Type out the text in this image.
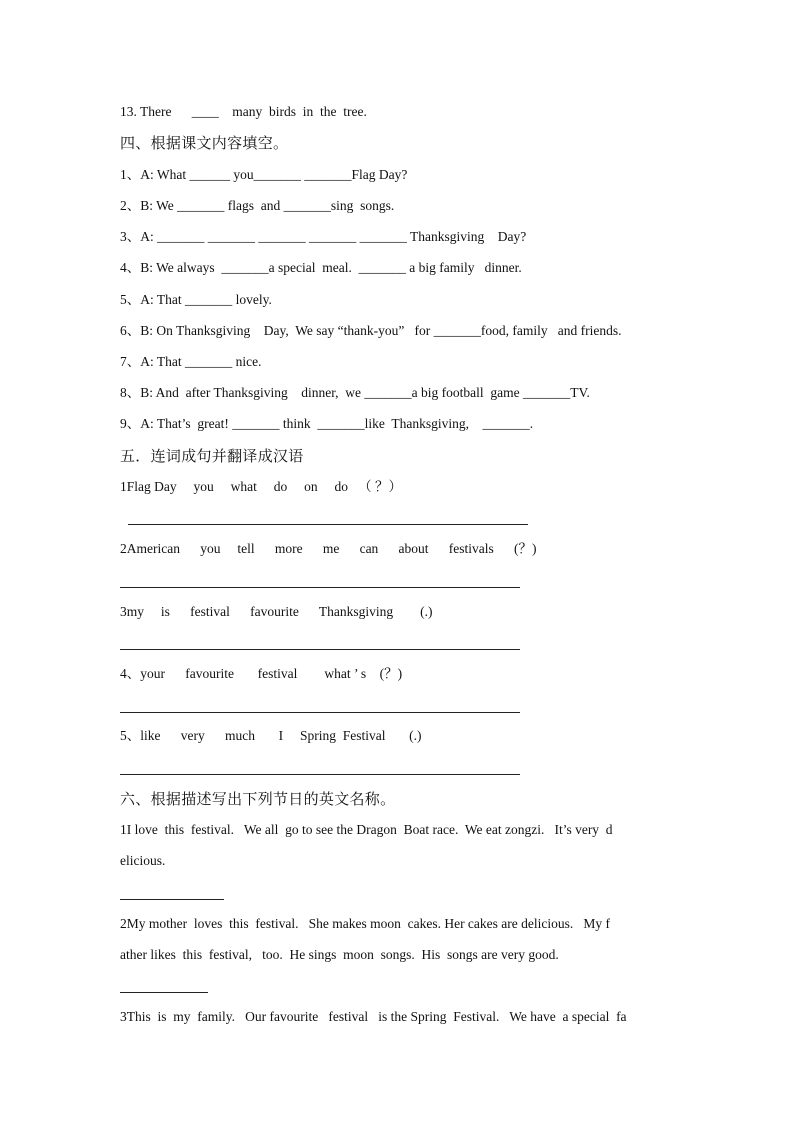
13. There      ____    many  birds  in  the  tree.
四、根据课文内容填空。
1、A: What ______ you_______ _______Flag Day?
2、B: We _______ flags  and _______sing  songs.
3、A: _______ _______ _______ _______ _______ Thanksgiving    Day?
4、B: We always  _______a special  meal.  _______ a big family   dinner.
5、A: That _______ lovely.
6、B: On Thanksgiving    Day,  We say “thank-you”   for _______food, family   and friends.
7、A: That _______ nice.
8、B: And  after Thanksgiving    dinner,  we _______a big football  game _______TV.
9、A: That’s  great! _______ think  _______like  Thanksgiving,    _______.
五．连词成句并翻译成汉语
1Flag Day     you     what     do     on     do   （ ？）
2American      you     tell      more      me      can      about      festivals      (？)
3my     is      festival      favourite      Thanksgiving        (.)
4、your      favourite       festival        what ’ s    (？)
5、like      very      much       I     Spring  Festival       (.)
六、根据描述写出下列节日的英文名称。
1I love  this  festival.   We all  go to see the Dragon  Boat race.  We eat zongzi.   It’s very  d
elicious.
2My mother  loves  this  festival.   She makes moon  cakes. Her cakes are delicious.   My f
ather likes  this  festival,   too.  He sings  moon  songs.  His  songs are very good.
3This  is  my  family.   Our favourite   festival   is the Spring  Festival.   We have  a special  fa
